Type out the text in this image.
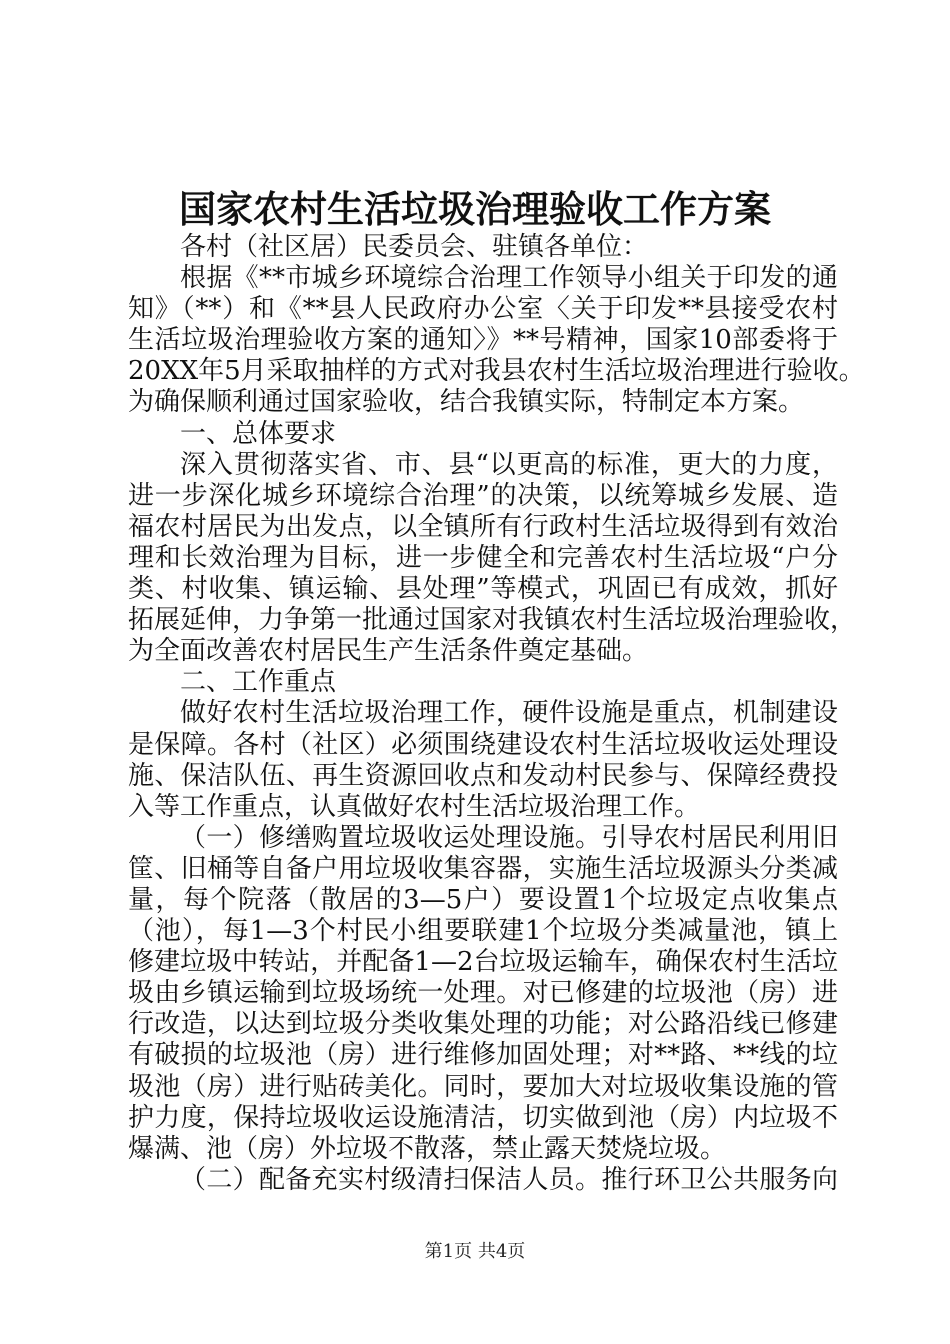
国家农村生活垃圾治理验收工作方案
各村（社区居）民委员会、驻镇各单位：
根据《**市城乡环境综合治理工作领导小组关于印发的通
知》（**）和《**县人民政府办公室〈关于印发**县接受农村
生活垃圾治理验收方案的通知〉》**号精神，国家10部委将于
20XX年5月采取抽样的方式对我县农村生活垃圾治理进行验收。
为确保顺利通过国家验收，结合我镇实际，特制定本方案。
一、总体要求
深入贯彻落实省、市、县“以更高的标准，更大的力度，
进一步深化城乡环境综合治理”的决策，以统筹城乡发展、造
福农村居民为出发点，以全镇所有行政村生活垃圾得到有效治
理和长效治理为目标，进一步健全和完善农村生活垃圾“户分
类、村收集、镇运输、县处理”等模式，巩固已有成效，抓好
拓展延伸，力争第一批通过国家对我镇农村生活垃圾治理验收，
为全面改善农村居民生产生活条件奠定基础。
二、工作重点
做好农村生活垃圾治理工作，硬件设施是重点，机制建设
是保障。各村（社区）必须围绕建设农村生活垃圾收运处理设
施、保洁队伍、再生资源回收点和发动村民参与、保障经费投
入等工作重点，认真做好农村生活垃圾治理工作。
（一）修缮购置垃圾收运处理设施。引导农村居民利用旧
筐、旧桶等自备户用垃圾收集容器，实施生活垃圾源头分类减
量，每个院落（散居的3—5户）要设置1个垃圾定点收集点
（池），每1—3个村民小组要联建1个垃圾分类减量池，镇上
修建垃圾中转站，并配备1—2台垃圾运输车，确保农村生活垃
圾由乡镇运输到垃圾场统一处理。对已修建的垃圾池（房）进
行改造，以达到垃圾分类收集处理的功能；对公路沿线已修建
有破损的垃圾池（房）进行维修加固处理；对**路、**线的垃
圾池（房）进行贴砖美化。同时，要加大对垃圾收集设施的管
护力度，保持垃圾收运设施清洁，切实做到池（房）内垃圾不
爆满、池（房）外垃圾不散落，禁止露天焚烧垃圾。
（二）配备充实村级清扫保洁人员。推行环卫公共服务向
第1页 共4页
